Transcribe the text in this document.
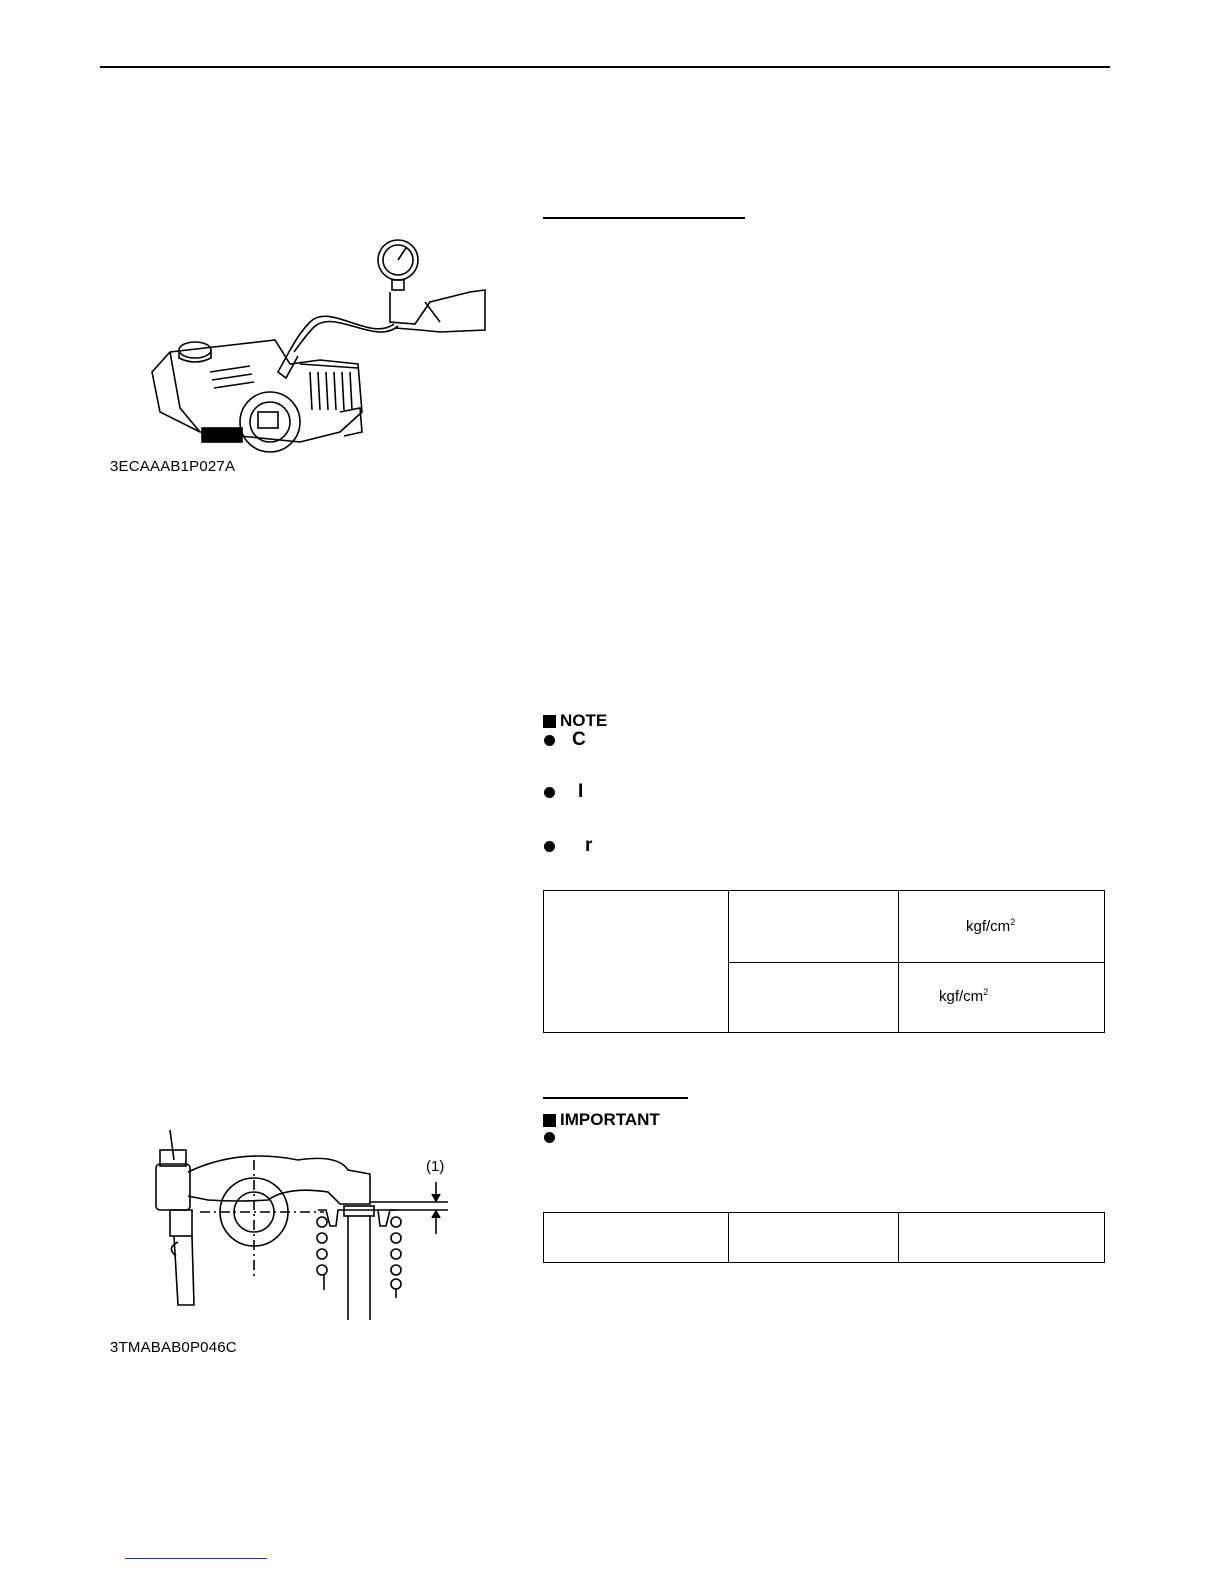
3ECAAAB1P027A
NOTE
C
I
r

		kgf/$cm^2$

		kgf/$cm^2$
IMPORTANT

(1)
3TMABAB0P046C
